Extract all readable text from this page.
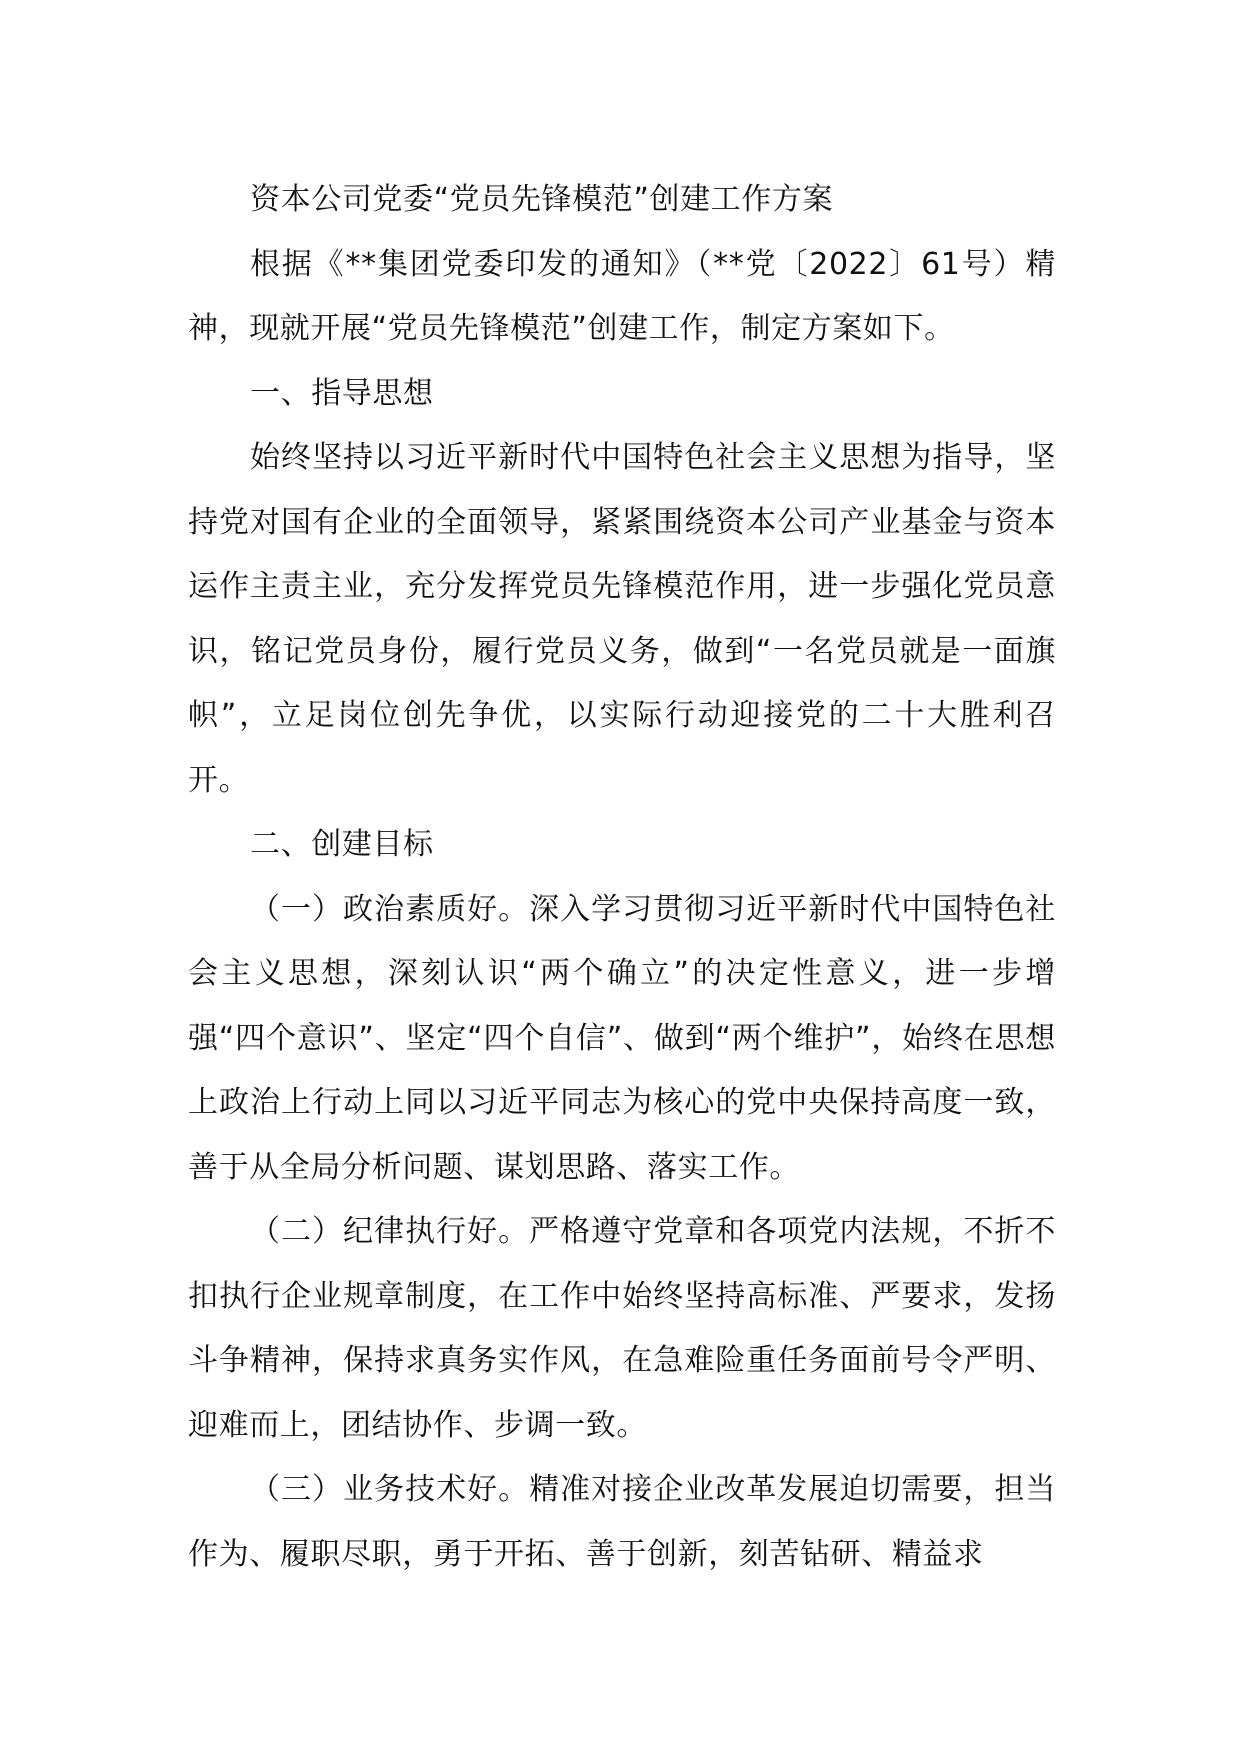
资本公司党委“党员先锋模范”创建工作方案

根据《**集团党委印发的通知》（**党〔2022〕61号）精神，现就开展“党员先锋模范”创建工作，制定方案如下。

一、指导思想

始终坚持以习近平新时代中国特色社会主义思想为指导，坚持党对国有企业的全面领导，紧紧围绕资本公司产业基金与资本运作主责主业，充分发挥党员先锋模范作用，进一步强化党员意识，铭记党员身份，履行党员义务，做到“一名党员就是一面旗帜”，立足岗位创先争优，以实际行动迎接党的二十大胜利召开。

二、创建目标

（一）政治素质好。深入学习贯彻习近平新时代中国特色社会主义思想，深刻认识“两个确立”的决定性意义，进一步增强“四个意识”、坚定“四个自信”、做到“两个维护”，始终在思想上政治上行动上同以习近平同志为核心的党中央保持高度一致，善于从全局分析问题、谋划思路、落实工作。

（二）纪律执行好。严格遵守党章和各项党内法规，不折不扣执行企业规章制度，在工作中始终坚持高标准、严要求，发扬斗争精神，保持求真务实作风，在急难险重任务面前号令严明、迎难而上，团结协作、步调一致。

（三）业务技术好。精准对接企业改革发展迫切需要，担当作为、履职尽职，勇于开拓、善于创新，刻苦钻研、精益求
